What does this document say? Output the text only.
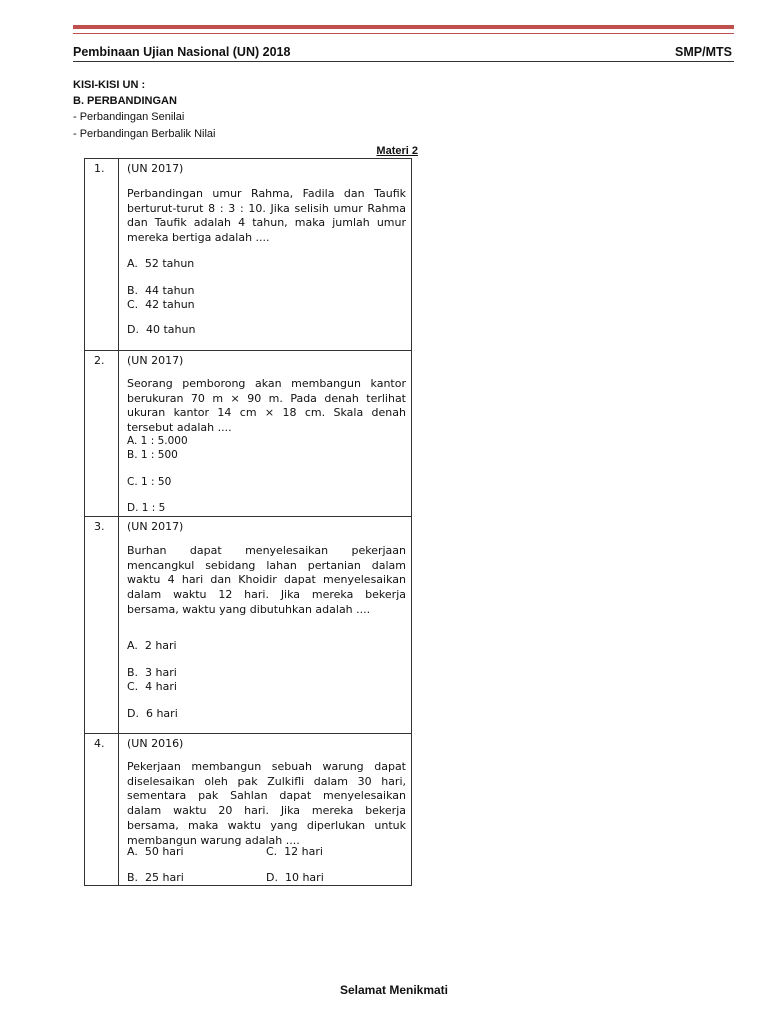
Pembinaan Ujian Nasional (UN) 2018	SMP/MTS
KISI-KISI UN :
B. PERBANDINGAN
- Perbandingan Senilai
- Perbandingan Berbalik Nilai
Materi 2
1. (UN 2017)
Perbandingan umur Rahma, Fadila dan Taufik berturut-turut 8 : 3 : 10. Jika selisih umur Rahma dan Taufik adalah 4 tahun, maka jumlah umur mereka bertiga adalah ....
A.  52 tahun
B.  44 tahun
C.  42 tahun
D.  40 tahun
2. (UN 2017)
Seorang pemborong akan membangun kantor berukuran 70 m × 90 m. Pada denah terlihat ukuran kantor 14 cm × 18 cm. Skala denah tersebut adalah ....
A. 1 : 5.000
B. 1 : 500
C. 1 : 50
D. 1 : 5
3. (UN 2017)
Burhan dapat menyelesaikan pekerjaan mencangkul sebidang lahan pertanian dalam waktu 4 hari dan Khoidir dapat menyelesaikan dalam waktu 12 hari. Jika mereka bekerja bersama, waktu yang dibutuhkan adalah ....
A.  2 hari
B.  3 hari
C.  4 hari
D.  6 hari
4. (UN 2016)
Pekerjaan membangun sebuah warung dapat diselesaikan oleh pak Zulkifli dalam 30 hari, sementara pak Sahlan dapat menyelesaikan dalam waktu 20 hari. Jika mereka bekerja bersama, maka waktu yang diperlukan untuk membangun warung adalah ....
A.  50 hari	C.  12 hari
B.  25 hari	D.  10 hari
Selamat Menikmati
